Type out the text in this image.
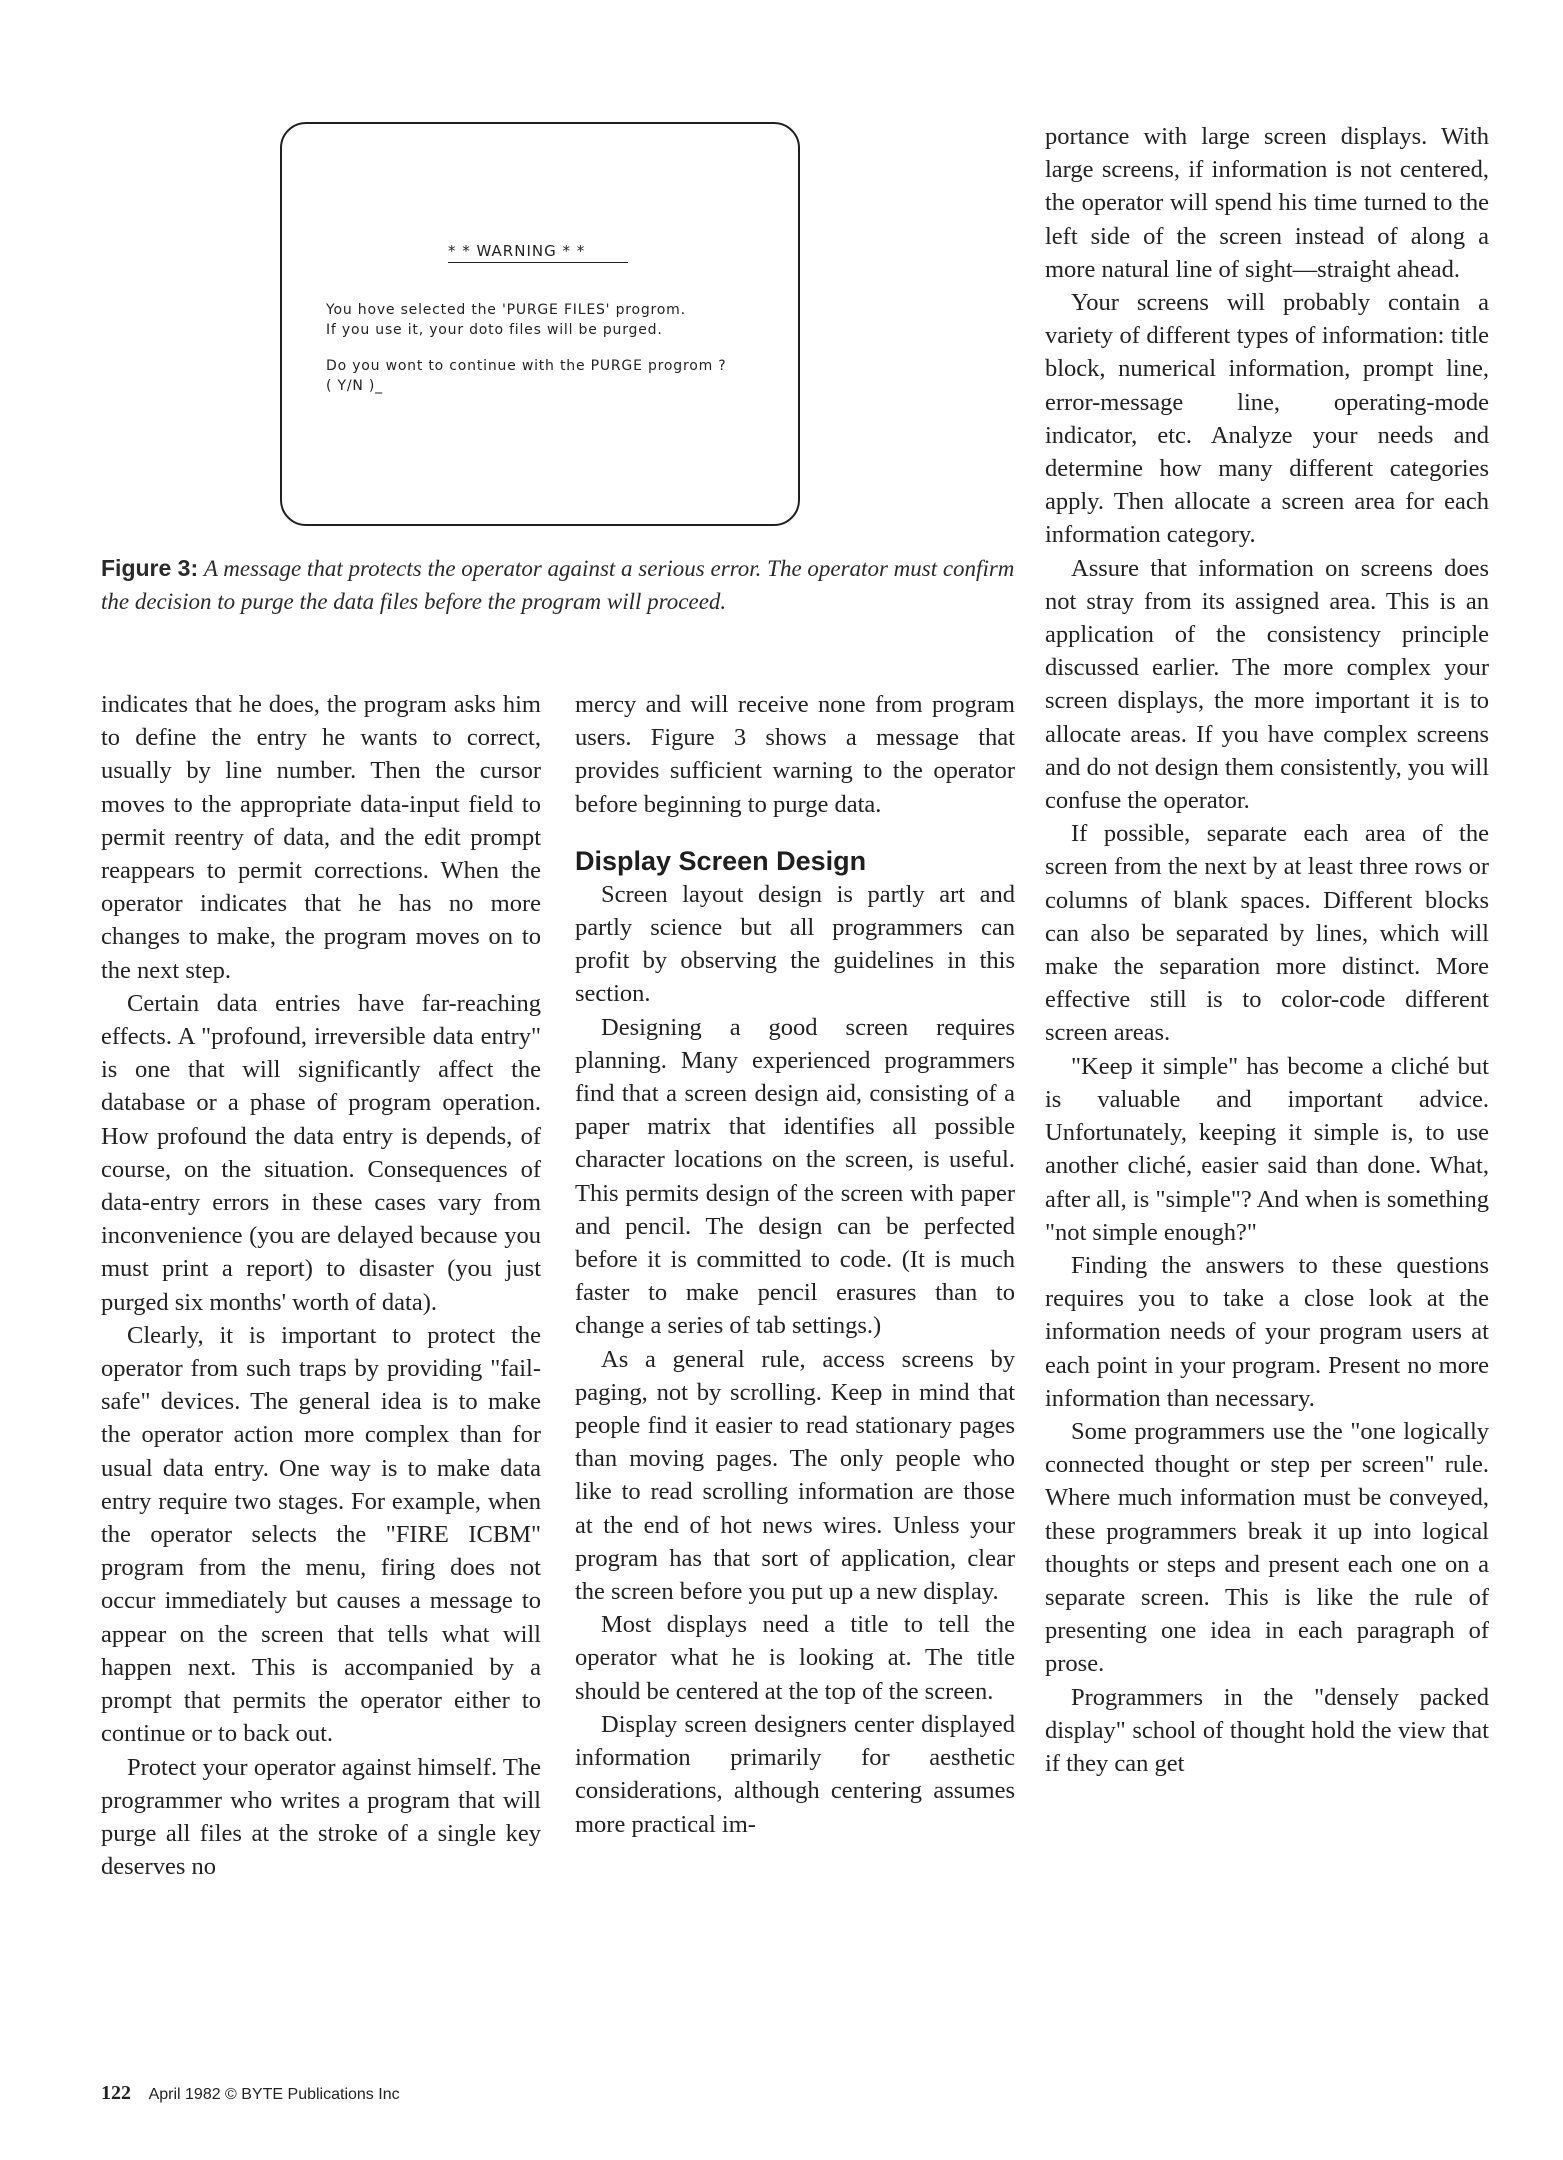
* * WARNING * *
You hove selected the 'PURGE FILES' progrom.
If you use it, your doto files will be purged.
Do you wont to continue with the PURGE progrom ?
( Y/N )_
Figure 3: A message that protects the operator against a serious error. The operator must confirm the decision to purge the data files before the program will proceed.

indicates that he does, the program asks him to define the entry he wants to correct, usually by line number. Then the cursor moves to the appropriate data-input field to permit reentry of data, and the edit prompt reappears to permit corrections. When the operator indicates that he has no more changes to make, the program moves on to the next step.

Certain data entries have far-reaching effects. A "profound, irreversible data entry" is one that will significantly affect the database or a phase of program operation. How profound the data entry is depends, of course, on the situation. Consequences of data-entry errors in these cases vary from inconvenience (you are delayed because you must print a report) to disaster (you just purged six months' worth of data).

Clearly, it is important to protect the operator from such traps by providing "fail-safe" devices. The general idea is to make the operator action more complex than for usual data entry. One way is to make data entry require two stages. For example, when the operator selects the "FIRE ICBM" program from the menu, firing does not occur immediately but causes a message to appear on the screen that tells what will happen next. This is accompanied by a prompt that permits the operator either to continue or to back out.

Protect your operator against himself. The programmer who writes a program that will purge all files at the stroke of a single key deserves no

mercy and will receive none from program users. Figure 3 shows a message that provides sufficient warning to the operator before beginning to purge data.

Display Screen Design

Screen layout design is partly art and partly science but all programmers can profit by observing the guidelines in this section.

Designing a good screen requires planning. Many experienced programmers find that a screen design aid, consisting of a paper matrix that identifies all possible character locations on the screen, is useful. This permits design of the screen with paper and pencil. The design can be perfected before it is committed to code. (It is much faster to make pencil erasures than to change a series of tab settings.)

As a general rule, access screens by paging, not by scrolling. Keep in mind that people find it easier to read stationary pages than moving pages. The only people who like to read scrolling information are those at the end of hot news wires. Unless your program has that sort of application, clear the screen before you put up a new display.

Most displays need a title to tell the operator what he is looking at. The title should be centered at the top of the screen.

Display screen designers center displayed information primarily for aesthetic considerations, although centering assumes more practical im-

portance with large screen displays. With large screens, if information is not centered, the operator will spend his time turned to the left side of the screen instead of along a more natural line of sight—straight ahead.

Your screens will probably contain a variety of different types of information: title block, numerical information, prompt line, error-message line, operating-mode indicator, etc. Analyze your needs and determine how many different categories apply. Then allocate a screen area for each information category.

Assure that information on screens does not stray from its assigned area. This is an application of the consistency principle discussed earlier. The more complex your screen displays, the more important it is to allocate areas. If you have complex screens and do not design them consistently, you will confuse the operator.

If possible, separate each area of the screen from the next by at least three rows or columns of blank spaces. Different blocks can also be separated by lines, which will make the separation more distinct. More effective still is to color-code different screen areas.

"Keep it simple" has become a cliché but is valuable and important advice. Unfortunately, keeping it simple is, to use another cliché, easier said than done. What, after all, is "simple"? And when is something "not simple enough?"

Finding the answers to these questions requires you to take a close look at the information needs of your program users at each point in your program. Present no more information than necessary.

Some programmers use the "one logically connected thought or step per screen" rule. Where much information must be conveyed, these programmers break it up into logical thoughts or steps and present each one on a separate screen. This is like the rule of presenting one idea in each paragraph of prose.

Programmers in the "densely packed display" school of thought hold the view that if they can get

122 April 1982 © BYTE Publications Inc
